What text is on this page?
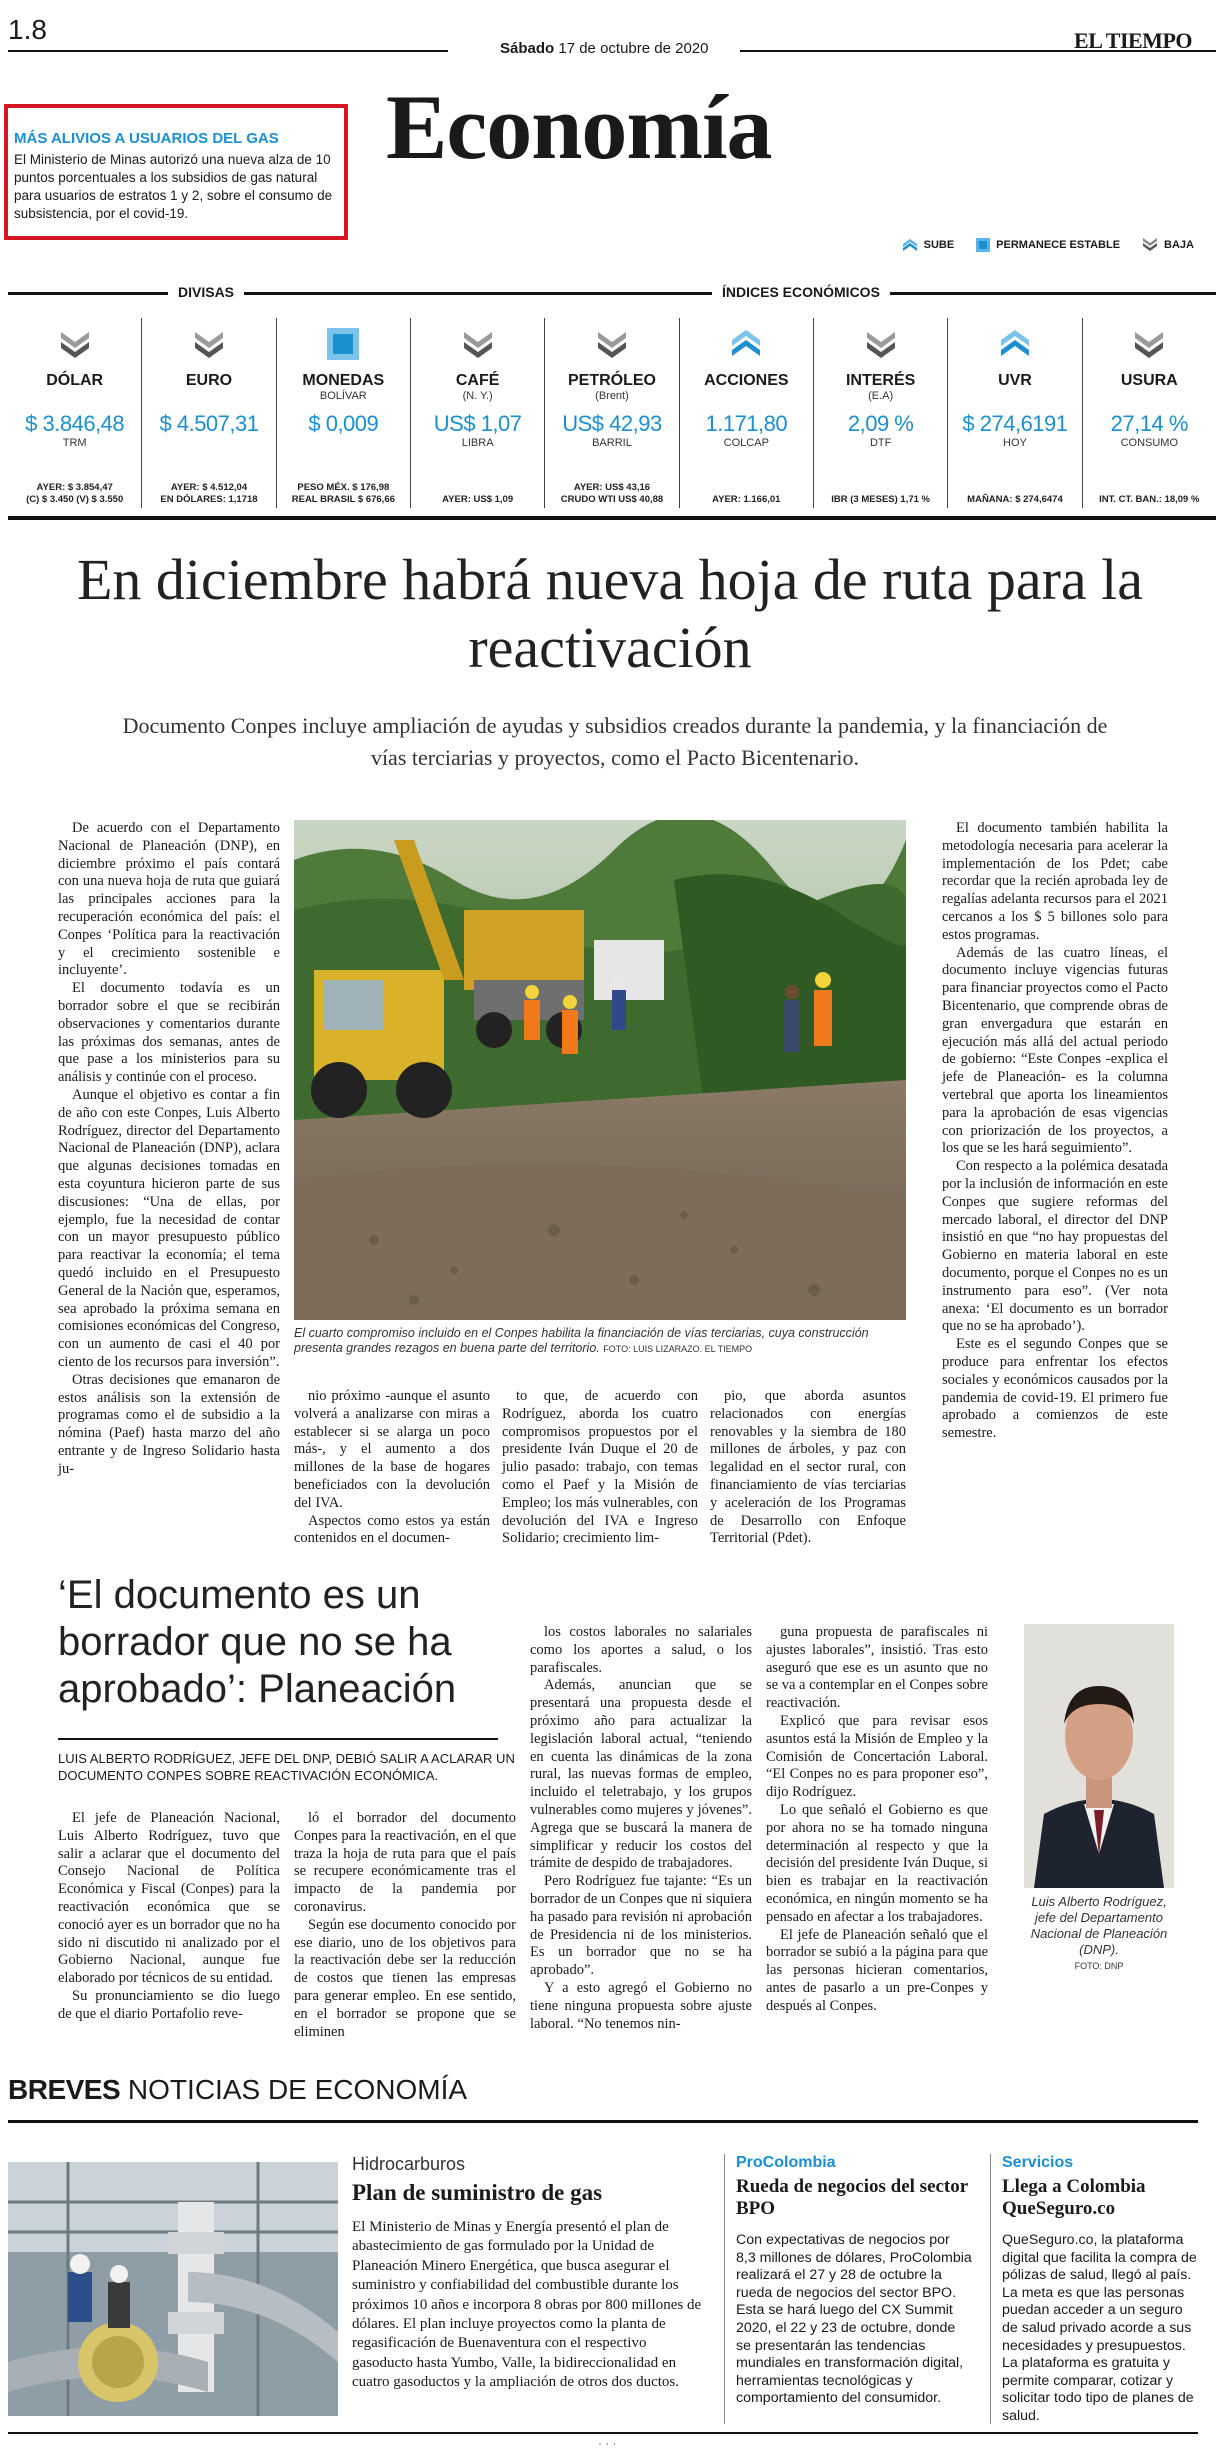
1.8
Sábado 17 de octubre de 2020	EL TIEMPO
MÁS ALIVIOS A USUARIOS DEL GAS
El Ministerio de Minas autorizó una nueva alza de 10 puntos porcentuales a los subsidios de gas natural para usuarios de estratos 1 y 2, sobre el consumo de subsistencia, por el covid-19.
Economía
SUBE	PERMANECE ESTABLE	BAJA
DIVISAS	ÍNDICES ECONÓMICOS
DÓLAR
$ 3.846,48
TRM
AYER: $ 3.854,47
(C) $ 3.450 (V) $ 3.550
EURO
$ 4.507,31
AYER: $ 4.512,04
EN DÓLARES: 1,1718
MONEDAS
BOLÍVAR
$ 0,009
PESO MÉX. $ 176,98
REAL BRASIL $ 676,66
CAFÉ
(N. Y.)
US$ 1,07
LIBRA
AYER: US$ 1,09
PETRÓLEO
(Brent)
US$ 42,93
BARRIL
AYER: US$ 43,16
CRUDO WTI US$ 40,88
ACCIONES
1.171,80
COLCAP
AYER: 1.166,01
INTERÉS
(E.A)
2,09 %
DTF
IBR (3 MESES) 1,71 %
UVR
$ 274,6191
HOY
MAÑANA: $ 274,6474
USURA
27,14 %
CONSUMO
INT. CT. BAN.: 18,09 %
En diciembre habrá nueva hoja de ruta para la reactivación
Documento Conpes incluye ampliación de ayudas y subsidios creados durante la pandemia, y la financiación de vías terciarias y proyectos, como el Pacto Bicentenario.

De acuerdo con el Departamento Nacional de Planeación (DNP), en diciembre próximo el país contará con una nueva hoja de ruta que guiará las principales acciones para la recuperación económica del país: el Conpes ‘Política para la reactivación y el crecimiento sostenible e incluyente’.

El documento todavía es un borrador sobre el que se recibirán observaciones y comentarios durante las próximas dos semanas, antes de que pase a los ministerios para su análisis y continúe con el proceso.

Aunque el objetivo es contar a fin de año con este Conpes, Luis Alberto Rodríguez, director del Departamento Nacional de Planeación (DNP), aclara que algunas decisiones tomadas en esta coyuntura hicieron parte de sus discusiones: “Una de ellas, por ejemplo, fue la necesidad de contar con un mayor presupuesto público para reactivar la economía; el tema quedó incluido en el Presupuesto General de la Nación que, esperamos, sea aprobado la próxima semana en comisiones económicas del Congreso, con un aumento de casi el 40 por ciento de los recursos para inversión”.

Otras decisiones que emanaron de estos análisis son la extensión de programas como el de subsidio a la nómina (Paef) hasta marzo del año entrante y de Ingreso Solidario hasta ju-

El cuarto compromiso incluido en el Conpes habilita la financiación de vías terciarias, cuya construcción presenta grandes rezagos en buena parte del territorio. FOTO: LUIS LIZARAZO. EL TIEMPO

nio próximo -aunque el asunto volverá a analizarse con miras a establecer si se alarga un poco más-, y el aumento a dos millones de la base de hogares beneficiados con la devolución del IVA.

Aspectos como estos ya están contenidos en el documen-

to que, de acuerdo con Rodríguez, aborda los cuatro compromisos propuestos por el presidente Iván Duque el 20 de julio pasado: trabajo, con temas como el Paef y la Misión de Empleo; los más vulnerables, con devolución del IVA e Ingreso Solidario; crecimiento lim-

pio, que aborda asuntos relacionados con energías renovables y la siembra de 180 millones de árboles, y paz con legalidad en el sector rural, con financiamiento de vías terciarias y aceleración de los Programas de Desarrollo con Enfoque Territorial (Pdet).

El documento también habilita la metodología necesaria para acelerar la implementación de los Pdet; cabe recordar que la recién aprobada ley de regalías adelanta recursos para el 2021 cercanos a los $ 5 billones solo para estos programas.

Además de las cuatro líneas, el documento incluye vigencias futuras para financiar proyectos como el Pacto Bicentenario, que comprende obras de gran envergadura que estarán en ejecución más allá del actual periodo de gobierno: “Este Conpes -explica el jefe de Planeación- es la columna vertebral que aporta los lineamientos para la aprobación de esas vigencias con priorización de los proyectos, a los que se les hará seguimiento”.

Con respecto a la polémica desatada por la inclusión de información en este Conpes que sugiere reformas del mercado laboral, el director del DNP insistió en que “no hay propuestas del Gobierno en materia laboral en este documento, porque el Conpes no es un instrumento para eso”. (Ver nota anexa: ‘El documento es un borrador que no se ha aprobado’).

Este es el segundo Conpes que se produce para enfrentar los efectos sociales y económicos causados por la pandemia de covid-19. El primero fue aprobado a comienzos de este semestre.

‘El documento es un borrador que no se ha aprobado’: Planeación
LUIS ALBERTO RODRÍGUEZ, JEFE DEL DNP, DEBIÓ SALIR A ACLARAR UN DOCUMENTO CONPES SOBRE REACTIVACIÓN ECONÓMICA.

El jefe de Planeación Nacional, Luis Alberto Rodríguez, tuvo que salir a aclarar que el documento del Consejo Nacional de Política Económica y Fiscal (Conpes) para la reactivación económica que se conoció ayer es un borrador que no ha sido ni discutido ni analizado por el Gobierno Nacional, aunque fue elaborado por técnicos de su entidad.

Su pronunciamiento se dio luego de que el diario Portafolio reve-

ló el borrador del documento Conpes para la reactivación, en el que traza la hoja de ruta para que el país se recupere económicamente tras el impacto de la pandemia por coronavirus.

Según ese documento conocido por ese diario, uno de los objetivos para la reactivación debe ser la reducción de costos que tienen las empresas para generar empleo. En ese sentido, en el borrador se propone que se eliminen

los costos laborales no salariales como los aportes a salud, o los parafiscales.

Además, anuncian que se presentará una propuesta desde el próximo año para actualizar la legislación laboral actual, “teniendo en cuenta las dinámicas de la zona rural, las nuevas formas de empleo, incluido el teletrabajo, y los grupos vulnerables como mujeres y jóvenes”. Agrega que se buscará la manera de simplificar y reducir los costos del trámite de despido de trabajadores.

Pero Rodríguez fue tajante: “Es un borrador de un Conpes que ni siquiera ha pasado para revisión ni aprobación de Presidencia ni de los ministerios. Es un borrador que no se ha aprobado”.

Y a esto agregó el Gobierno no tiene ninguna propuesta sobre ajuste laboral. “No tenemos nin-

guna propuesta de parafiscales ni ajustes laborales”, insistió. Tras esto aseguró que ese es un asunto que no se va a contemplar en el Conpes sobre reactivación.

Explicó que para revisar esos asuntos está la Misión de Empleo y la Comisión de Concertación Laboral. “El Conpes no es para proponer eso”, dijo Rodríguez.

Lo que señaló el Gobierno es que por ahora no se ha tomado ninguna determinación al respecto y que la decisión del presidente Iván Duque, si bien es trabajar en la reactivación económica, en ningún momento se ha pensado en afectar a los trabajadores.

El jefe de Planeación señaló que el borrador se subió a la página para que las personas hicieran comentarios, antes de pasarlo a un pre-Conpes y después al Conpes.

Luis Alberto Rodríguez, jefe del Departamento Nacional de Planeación (DNP).
FOTO: DNP
BREVES NOTICIAS DE ECONOMÍA
Hidrocarburos
Plan de suministro de gas
El Ministerio de Minas y Energía presentó el plan de abastecimiento de gas formulado por la Unidad de Planeación Minero Energética, que busca asegurar el suministro y confiabilidad del combustible durante los próximos 10 años e incorpora 8 obras por 800 millones de dólares. El plan incluye proyectos como la planta de regasificación de Buenaventura con el respectivo gasoducto hasta Yumbo, Valle, la bidireccionalidad en cuatro gasoductos y la ampliación de otros dos ductos.
ProColombia
Rueda de negocios del sector BPO
Con expectativas de negocios por 8,3 millones de dólares, ProColombia realizará el 27 y 28 de octubre la rueda de negocios del sector BPO. Esta se hará luego del CX Summit 2020, el 22 y 23 de octubre, donde se presentarán las tendencias mundiales en transformación digital, herramientas tecnológicas y comportamiento del consumidor.
Servicios
Llega a Colombia QueSeguro.co
QueSeguro.co, la plataforma digital que facilita la compra de pólizas de salud, llegó al país. La meta es que las personas puedan acceder a un seguro de salud privado acorde a sus necesidades y presupuestos. La plataforma es gratuita y permite comparar, cotizar y solicitar todo tipo de planes de salud.
· · ·
